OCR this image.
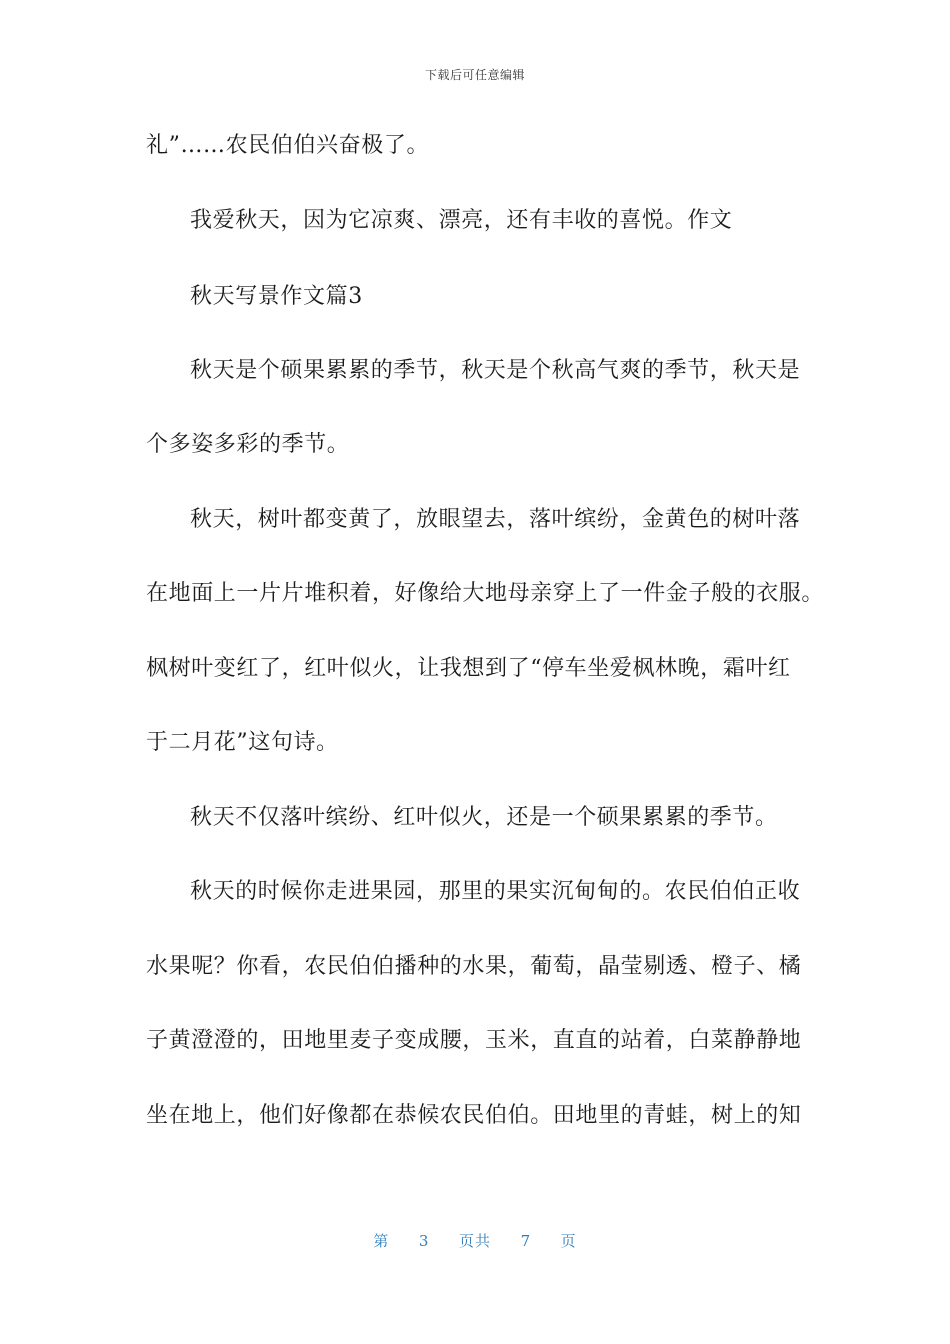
下载后可任意编辑
礼”……农民伯伯兴奋极了。
我爱秋天，因为它凉爽、漂亮，还有丰收的喜悦。作文
秋天写景作文篇3
秋天是个硕果累累的季节，秋天是个秋高气爽的季节，秋天是
个多姿多彩的季节。
秋天，树叶都变黄了，放眼望去，落叶缤纷，金黄色的树叶落
在地面上一片片堆积着，好像给大地母亲穿上了一件金子般的衣服。
枫树叶变红了，红叶似火，让我想到了“停车坐爱枫林晚，霜叶红
于二月花”这句诗。
秋天不仅落叶缤纷、红叶似火，还是一个硕果累累的季节。
秋天的时候你走进果园，那里的果实沉甸甸的。农民伯伯正收
水果呢？你看，农民伯伯播种的水果，葡萄，晶莹剔透、橙子、橘
子黄澄澄的，田地里麦子变成腰，玉米，直直的站着，白菜静静地
坐在地上，他们好像都在恭候农民伯伯。田地里的青蛙，树上的知
第 3 页共 7 页
